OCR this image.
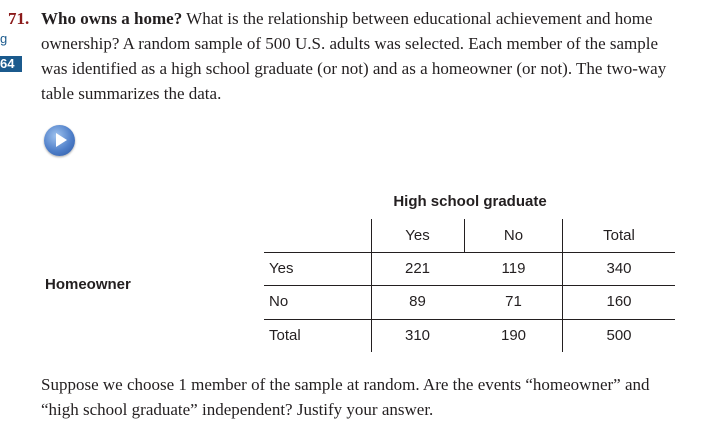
g
64
71. Who owns a home? What is the relationship between educational achievement and home ownership? A random sample of 500 U.S. adults was selected. Each member of the sample was identified as a high school graduate (or not) and as a homeowner (or not). The two-way table summarizes the data.
High school graduate
Homeowner
Yes	No	Total
Yes	221	119	340
No	89	71	160
Total	310	190	500
Suppose we choose 1 member of the sample at random. Are the events “homeowner” and “high school graduate” independent? Justify your answer.
